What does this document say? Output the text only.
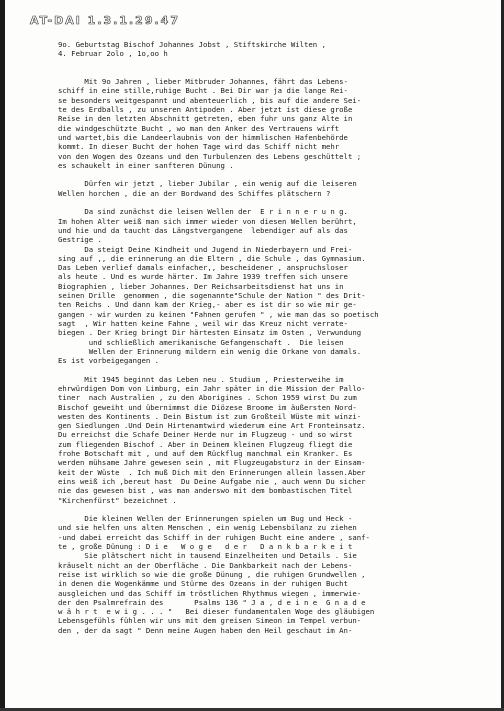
AT-DAI 1.3.1.29.47
9o. Geburtstag Bischof Johannes Jobst , Stiftskirche Wilten ,
4. Februar 2olo , 1o,oo h
Mit 9o Jahren , lieber Mitbruder Johannes, fährt das Lebens-
schiff in eine stille,ruhige Bucht . Bei Dir war ja die lange Rei-
se besonders weitgespannt und abenteuerlich , bis auf die andere Sei-
te des Erdballs , zu unseren Antipoden . Aber jetzt ist diese große
Reise in den letzten Abschnitt getreten, eben fuhr uns ganz Alte in
die windgeschützte Bucht , wo man den Anker des Vertrauens wirft
und wartet,bis die Landeerlaubnis von der himmlischen Hafenbehörde
kommt. In dieser Bucht der hohen Tage wird das Schiff nicht mehr
von den Wogen des Ozeans und den Turbulenzen des Lebens geschüttelt ;
es schaukelt in einer sanfteren Dünung .
Dürfen wir jetzt , lieber Jubilar , ein wenig auf die leiseren
Wellen horchen , die an der Bordwand des Schiffes plätschern ?
Da sind zunächst die leisen Wellen der  E r i n n e r u n g.
Im hohen Alter weiß man sich immer wieder von diesen Wellen berührt,
und hie und da taucht das Längstvergangene  lebendiger auf als das
Gestrige .
Da steigt Deine Kindheit und Jugend in Niederbayern und Frei-
sing auf ,, die erinnerung an die Eltern , die Schule , das Gymnasium.
Das Leben verlief damals einfacher,, bescheidener , anspruchsloser
als heute . Und es wurde härter. Im Jahre 1939 treffen sich unsere
Biographien , lieber Johannes. Der Reichsarbeitsdienst hat uns in
seinen Drille  genommen , die sogenannte"Schule der Nation " des Drit-
ten Reichs . Und dann kam der Krieg,- aber es ist dir so wie mir ge-
gangen - wir wurden zu keinen "Fahnen gerufen " , wie man das so poetisch
sagt  , Wir hatten keine Fahne , weil wir das Kreuz nicht verrate-
biegen . Der Krieg bringt Dir härtesten Einsatz im Osten , Verwundung
und schließlich amerikanische Gefangenschaft .  Die leisen
Wellen der Erinnerung mildern ein wenig die Orkane von damals.
Es ist vorbeigegangen .
Mit 1945 beginnt das Leben neu . Studium , Priesterweihe im
ehrwürdigen Dom von Limburg, ein Jahr später in die Mission der Pallo-
tiner  nach Australien , zu den Aborigines . Schon 1959 wirst Du zum
Bischof geweiht und übernimmst die Diözese Broome im äußersten Nord-
westen des Kontinents . Dein Bistum ist zum Großteil Wüste mit winzi-
gen Siedlungen .Und Dein Hirtenamtwird wiederum eine Art Fronteinsatz.
Du erreichst die Schafe Deiner Herde nur im Flugzeug - und so wirst
zum fliegenden Bischof . Aber in Deinem kleinen Flugzeug fliegt die
frohe Botschaft mit , und auf dem Rückflug manchmal ein Kranker. Es
werden mühsame Jahre gewesen sein , mit Flugzeugabsturz in der Einsam-
keit der Wüste  . Ich muß Dich mit den Erinnerungen allein lassen.Aber
eins weiß ich ,bereut hast  Du Deine Aufgabe nie , auch wenn Du sicher
nie das gewesen bist , was man anderswo mit dem bombastischen Titel
"Kirchenfürst" bezeichnet .
Die kleinen Wellen der Erinnerungen spielen um Bug und Heck -
und sie helfen uns alten Menschen , ein wenig Lebensbilanz zu ziehen
-und dabei erreicht das Schiff in der ruhigen Bucht eine andere , sanf-
te , große Dünung : D i e   W o g e   d e r   D a n k b a r k e i t
Sie plätschert nicht in tausend Einzelheiten und Details . Sie
kräuselt nicht an der Oberfläche . Die Dankbarkeit nach der Lebens-
reise ist wirklich so wie die große Dünung , die ruhigen Grundwellen ,
in denen die Wogenkämme und Stürme des Ozeans in der ruhigen Bucht
ausgleichen und das Schiff im tröstlichen Rhythmus wiegen , immerwie-
der den Psalmrefrain des       Psalms 136 " J a , d e i n e  G n a d e
w ä h r t  e w i g . . . "   Bei dieser fundamentalen Woge des gläubigen
Lebensgefühls fühlen wir uns mit dem greisen Simeon im Tempel verbun-
den , der da sagt " Denn meine Augen haben den Heil geschaut im An-
